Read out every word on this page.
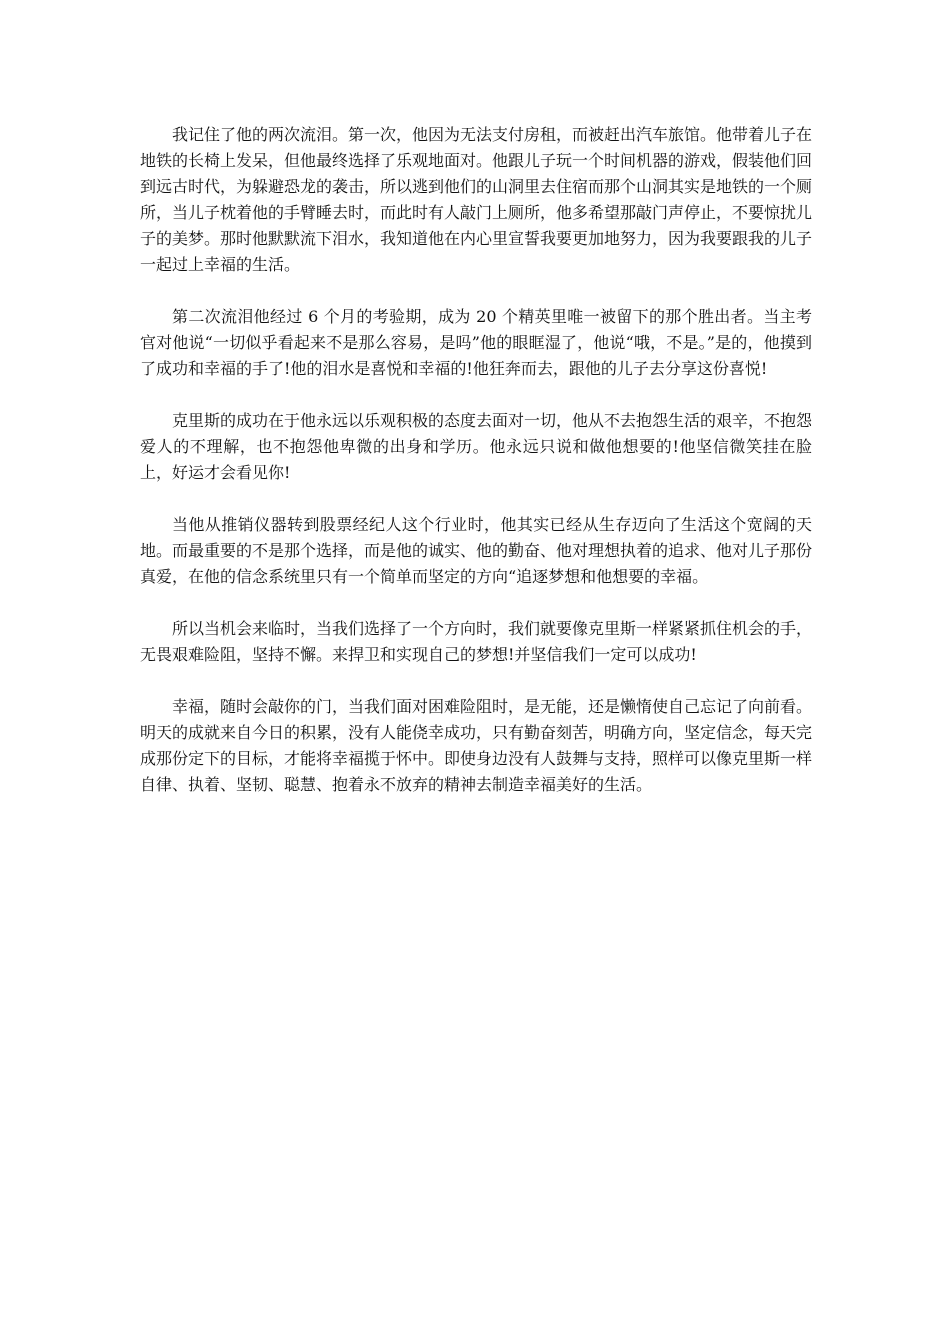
我记住了他的两次流泪。第一次，他因为无法支付房租，而被赶出汽车旅馆。他带着儿子在地铁的长椅上发呆，但他最终选择了乐观地面对。他跟儿子玩一个时间机器的游戏，假装他们回到远古时代，为躲避恐龙的袭击，所以逃到他们的山洞里去住宿而那个山洞其实是地铁的一个厕所，当儿子枕着他的手臂睡去时，而此时有人敲门上厕所，他多希望那敲门声停止，不要惊扰儿子的美梦。那时他默默流下泪水，我知道他在内心里宣誓我要更加地努力，因为我要跟我的儿子一起过上幸福的生活。

第二次流泪他经过 6 个月的考验期，成为 20 个精英里唯一被留下的那个胜出者。当主考官对他说“一切似乎看起来不是那么容易，是吗”他的眼眶湿了，他说“哦，不是。”是的，他摸到了成功和幸福的手了!他的泪水是喜悦和幸福的!他狂奔而去，跟他的儿子去分享这份喜悦!

克里斯的成功在于他永远以乐观积极的态度去面对一切，他从不去抱怨生活的艰辛，不抱怨爱人的不理解，也不抱怨他卑微的出身和学历。他永远只说和做他想要的!他坚信微笑挂在脸上，好运才会看见你!

当他从推销仪器转到股票经纪人这个行业时，他其实已经从生存迈向了生活这个宽阔的天地。而最重要的不是那个选择，而是他的诚实、他的勤奋、他对理想执着的追求、他对儿子那份真爱，在他的信念系统里只有一个简单而坚定的方向“追逐梦想和他想要的幸福。

所以当机会来临时，当我们选择了一个方向时，我们就要像克里斯一样紧紧抓住机会的手，无畏艰难险阻，坚持不懈。来捍卫和实现自己的梦想!并坚信我们一定可以成功!

幸福，随时会敲你的门，当我们面对困难险阻时，是无能，还是懒惰使自己忘记了向前看。明天的成就来自今日的积累，没有人能侥幸成功，只有勤奋刻苦，明确方向，坚定信念，每天完成那份定下的目标，才能将幸福揽于怀中。即使身边没有人鼓舞与支持，照样可以像克里斯一样自律、执着、坚韧、聪慧、抱着永不放弃的精神去制造幸福美好的生活。
